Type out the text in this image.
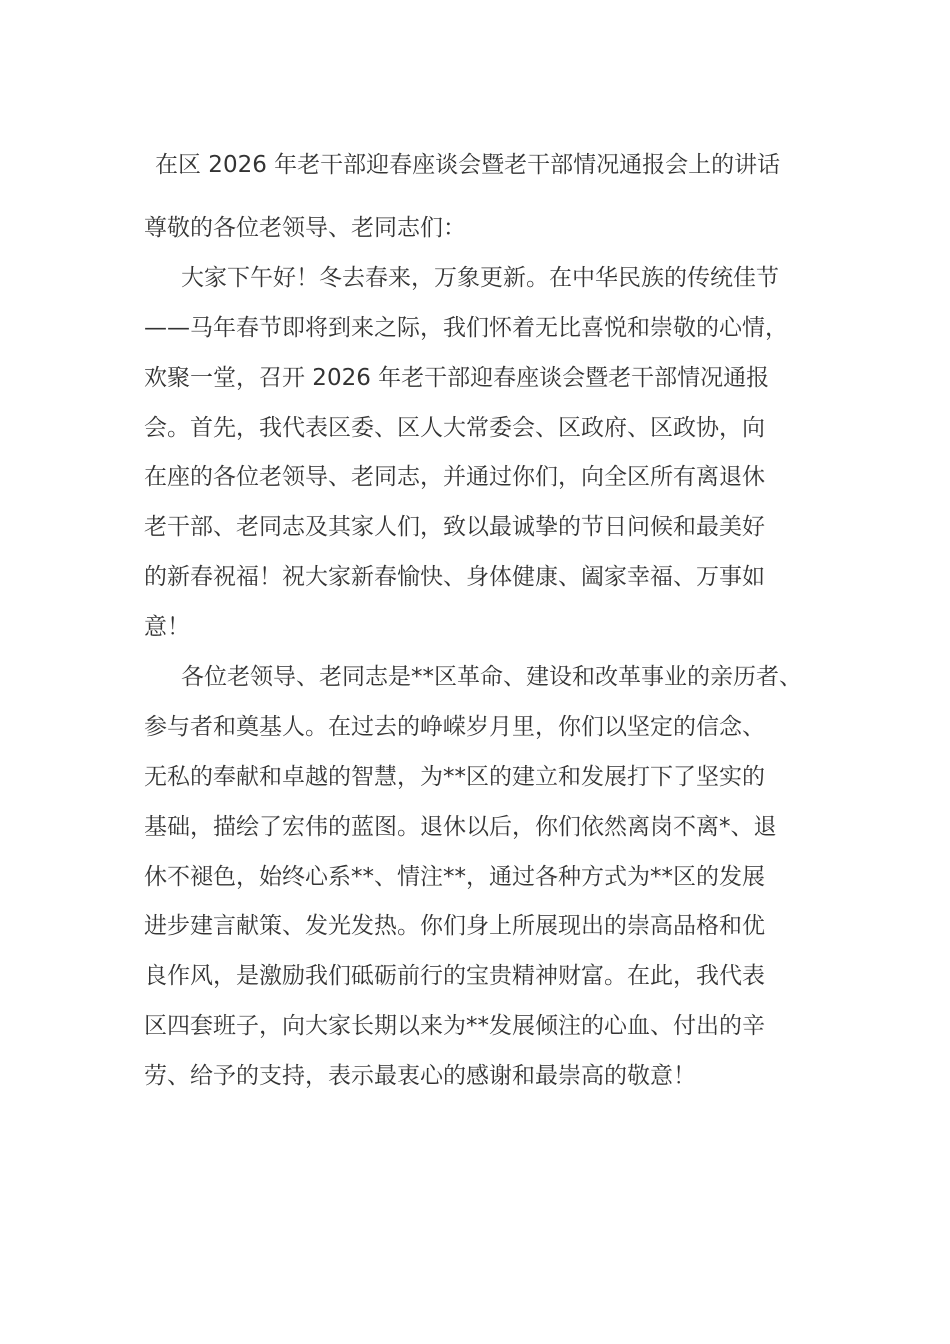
在区 2026 年老干部迎春座谈会暨老干部情况通报会上的讲话
尊敬的各位老领导、老同志们：
大家下午好！冬去春来，万象更新。在中华民族的传统佳节
——马年春节即将到来之际，我们怀着无比喜悦和崇敬的心情，
欢聚一堂，召开 2026 年老干部迎春座谈会暨老干部情况通报
会。首先，我代表区委、区人大常委会、区政府、区政协，向
在座的各位老领导、老同志，并通过你们，向全区所有离退休
老干部、老同志及其家人们，致以最诚挚的节日问候和最美好
的新春祝福！祝大家新春愉快、身体健康、阖家幸福、万事如
意！
各位老领导、老同志是**区革命、建设和改革事业的亲历者、
参与者和奠基人。在过去的峥嵘岁月里，你们以坚定的信念、
无私的奉献和卓越的智慧，为**区的建立和发展打下了坚实的
基础，描绘了宏伟的蓝图。退休以后，你们依然离岗不离*、退
休不褪色，始终心系**、情注**，通过各种方式为**区的发展
进步建言献策、发光发热。你们身上所展现出的崇高品格和优
良作风，是激励我们砥砺前行的宝贵精神财富。在此，我代表
区四套班子，向大家长期以来为**发展倾注的心血、付出的辛
劳、给予的支持，表示最衷心的感谢和最崇高的敬意！
